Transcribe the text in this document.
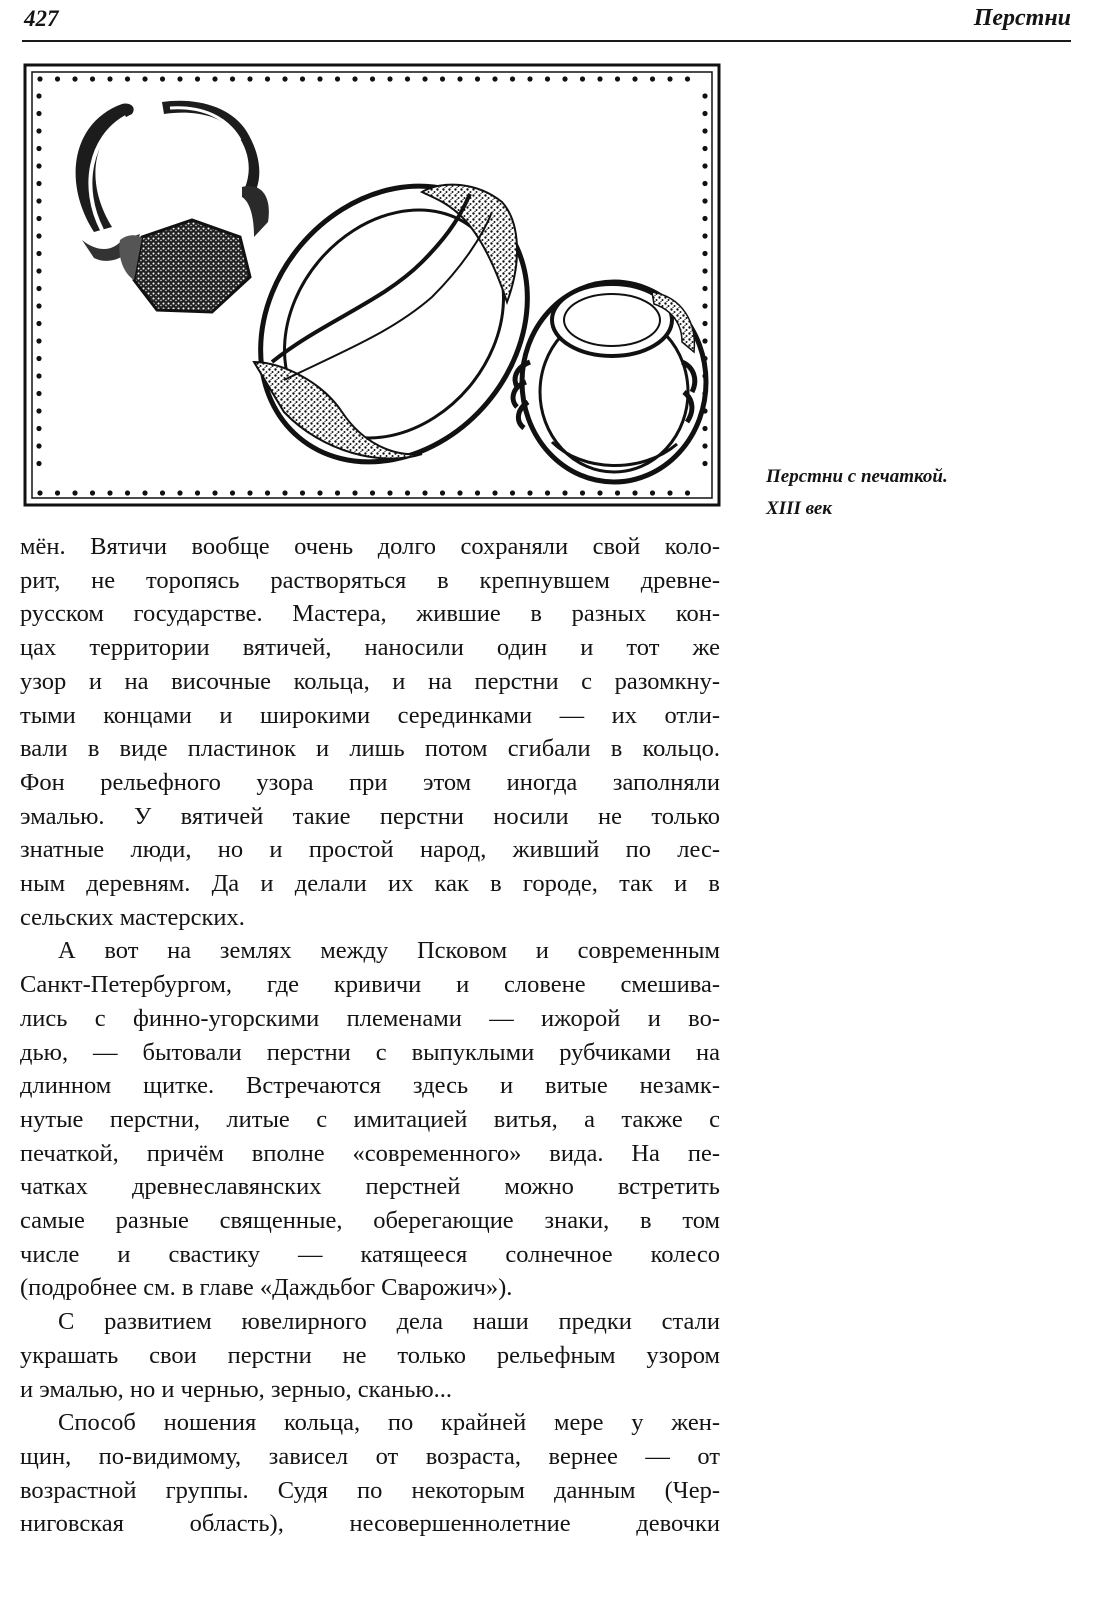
427	Перстни
Перстни с печаткой.
XIII век

мён. Вятичи вообще очень долго сохраняли свой коло-

рит, не торопясь растворяться в крепнувшем древне-

русском государстве. Мастера, жившие в разных кон-

цах территории вятичей, наносили один и тот же

узор и на височные кольца, и на перстни с разомкну-

тыми концами и широкими серединками — их отли-

вали в виде пластинок и лишь потом сгибали в кольцо.

Фон рельефного узора при этом иногда заполняли

эмалью. У вятичей такие перстни носили не только

знатные люди, но и простой народ, живший по лес-

ным деревням. Да и делали их как в городе, так и в

сельских мастерских.

А вот на землях между Псковом и современным

Санкт-Петербургом, где кривичи и словене смешива-

лись с финно-угорскими племенами — ижорой и во-

дью, — бытовали перстни с выпуклыми рубчиками на

длинном щитке. Встречаются здесь и витые незамк-

нутые перстни, литые с имитацией витья, а также с

печаткой, причём вполне «современного» вида. На пе-

чатках древнеславянских перстней можно встретить

самые разные священные, оберегающие знаки, в том

числе и свастику — катящееся солнечное колесо

(подробнее см. в главе «Даждьбог Сварожич»).

С развитием ювелирного дела наши предки стали

украшать свои перстни не только рельефным узором

и эмалью, но и чернью, зерныо, сканью...

Способ ношения кольца, по крайней мере у жен-

щин, по-видимому, зависел от возраста, вернее — от

возрастной группы. Судя по некоторым данным (Чер-

ниговская область), несовершеннолетние девочки
